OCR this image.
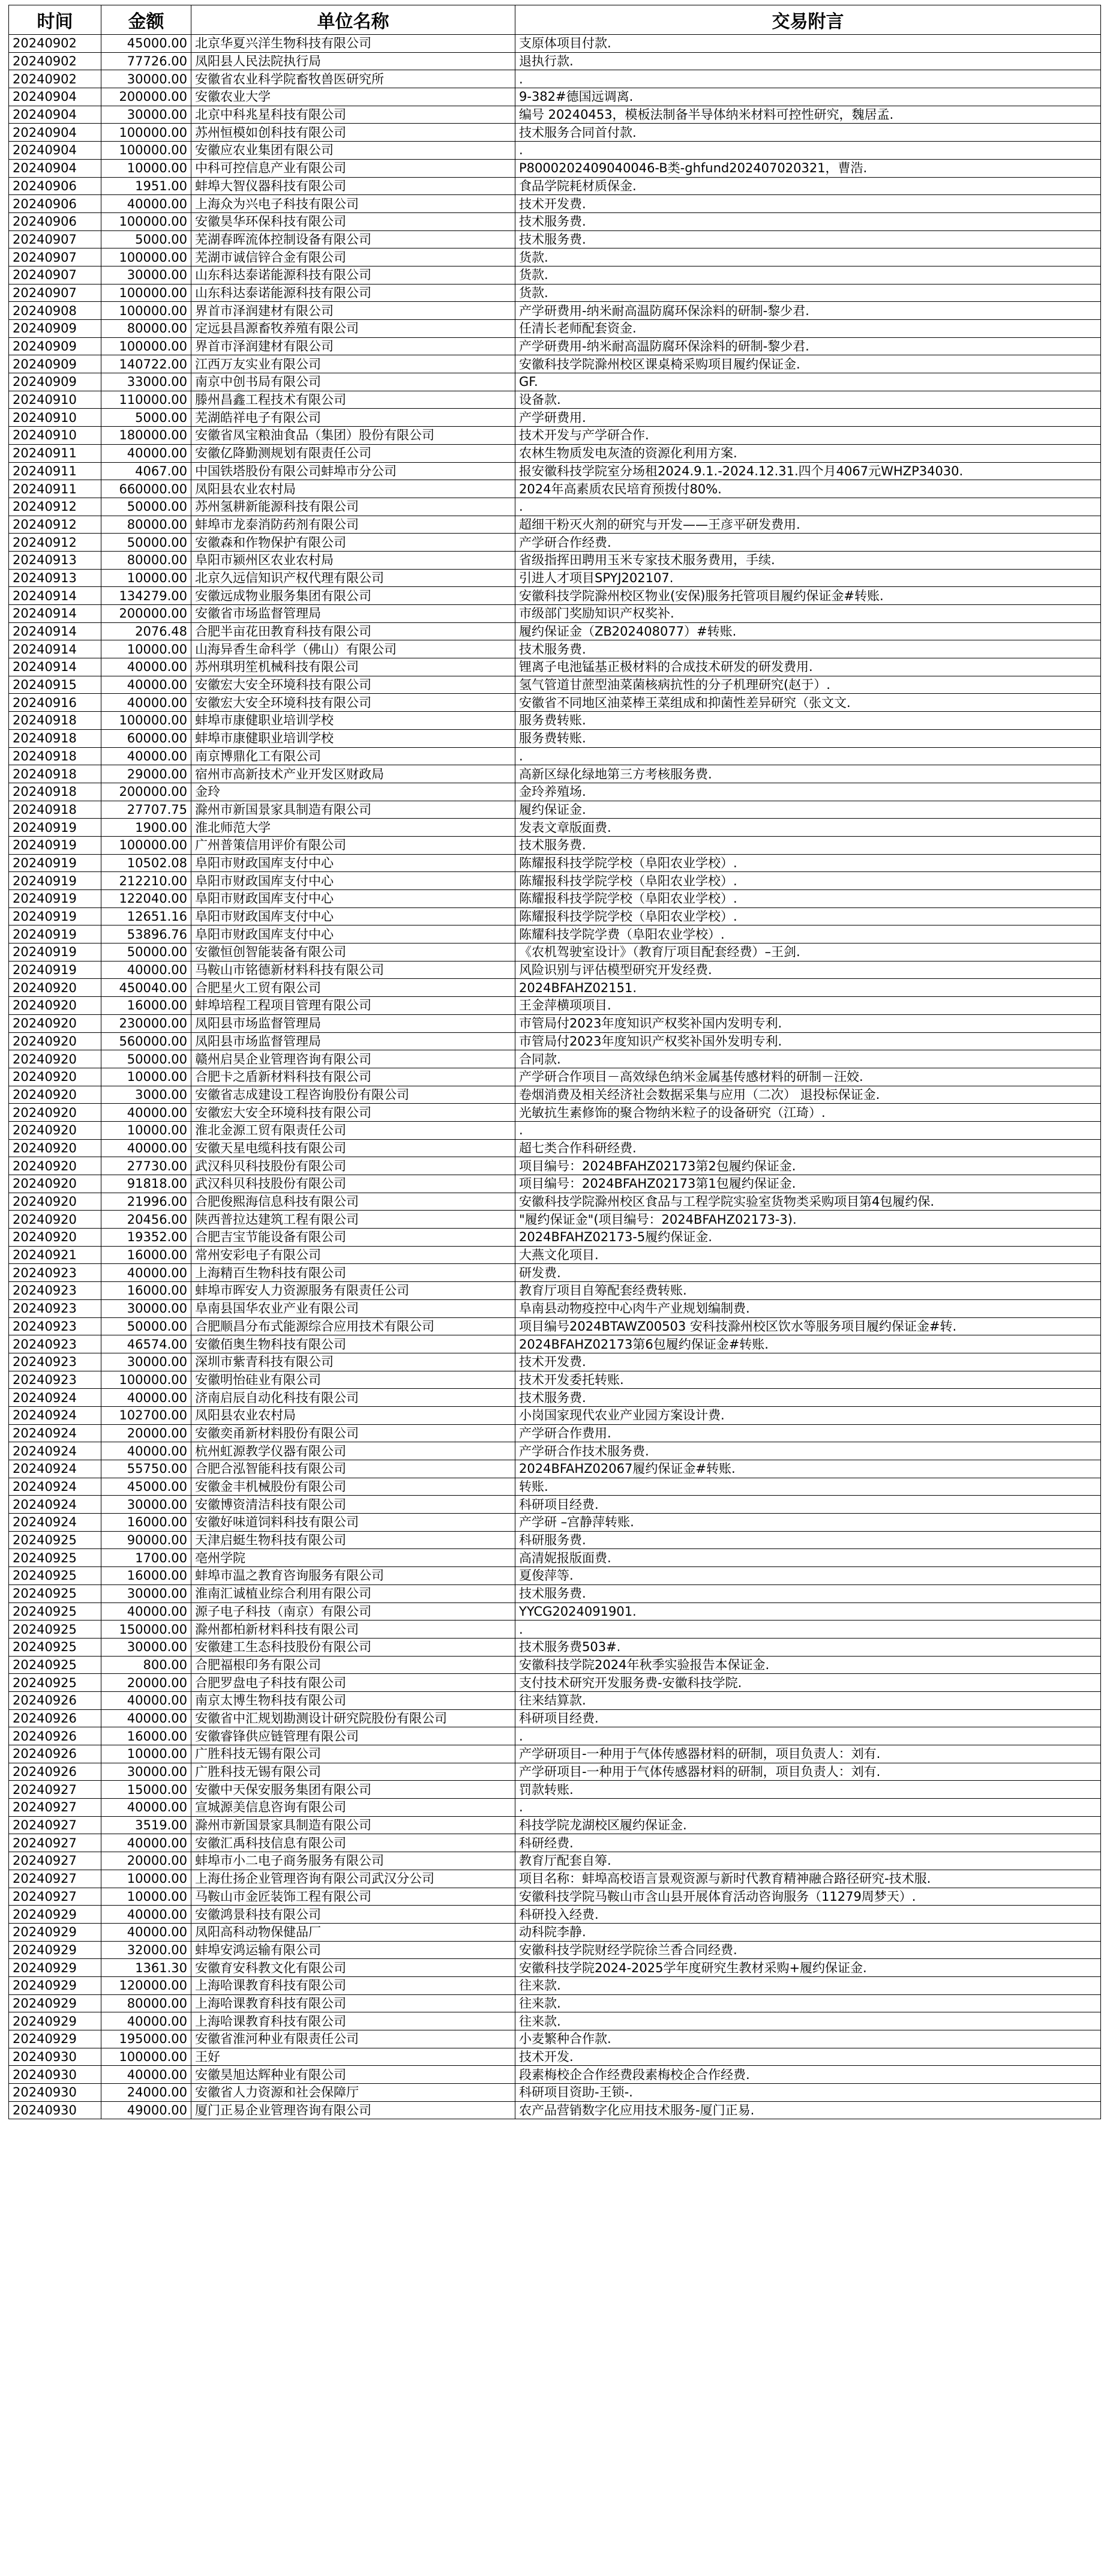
时间	金额	单位名称	交易附言
20240902	45000.00	北京华夏兴洋生物科技有限公司	支原体项目付款.
20240902	77726.00	凤阳县人民法院执行局	退执行款.
20240902	30000.00	安徽省农业科学院畜牧兽医研究所	.
20240904	200000.00	安徽农业大学	9-382#德国远调离.
20240904	30000.00	北京中科兆星科技有限公司	编号 20240453，模板法制备半导体纳米材料可控性研究，魏居孟.
20240904	100000.00	苏州恒模如创科技有限公司	技术服务合同首付款.
20240904	100000.00	安徽应农业集团有限公司	.
20240904	10000.00	中科可控信息产业有限公司	P8000202409040046-B类-ghfund202407020321，曹浩.
20240906	1951.00	蚌埠大智仪器科技有限公司	食品学院耗材质保金.
20240906	40000.00	上海众为兴电子科技有限公司	技术开发费.
20240906	100000.00	安徽昊华环保科技有限公司	技术服务费.
20240907	5000.00	芜湖春晖流体控制设备有限公司	技术服务费.
20240907	100000.00	芜湖市诚信锌合金有限公司	货款.
20240907	30000.00	山东科达泰诺能源科技有限公司	货款.
20240907	100000.00	山东科达泰诺能源科技有限公司	货款.
20240908	100000.00	界首市泽润建材有限公司	产学研费用-纳米耐高温防腐环保涂料的研制-黎少君.
20240909	80000.00	定远县昌源畜牧养殖有限公司	任清长老师配套资金.
20240909	100000.00	界首市泽润建材有限公司	产学研费用-纳米耐高温防腐环保涂料的研制-黎少君.
20240909	140722.00	江西万友实业有限公司	安徽科技学院滁州校区课桌椅采购项目履约保证金.
20240909	33000.00	南京中创书局有限公司	GF.
20240910	110000.00	滕州昌鑫工程技术有限公司	设备款.
20240910	5000.00	芜湖皓祥电子有限公司	产学研费用.
20240910	180000.00	安徽省凤宝粮油食品（集团）股份有限公司	技术开发与产学研合作.
20240911	40000.00	安徽亿降勤测规划有限责任公司	农林生物质发电灰渣的资源化利用方案.
20240911	4067.00	中国铁塔股份有限公司蚌埠市分公司	报安徽科技学院室分场租2024.9.1.-2024.12.31.四个月4067元WHZP34030.
20240911	660000.00	凤阳县农业农村局	2024年高素质农民培育预拨付80%.
20240912	50000.00	苏州氢耕新能源科技有限公司	.
20240912	80000.00	蚌埠市龙泰消防药剂有限公司	超细干粉灭火剂的研究与开发——王彦平研发费用.
20240912	50000.00	安徽森和作物保护有限公司	产学研合作经费.
20240913	80000.00	阜阳市颍州区农业农村局	省级指挥田聘用玉米专家技术服务费用，手续.
20240913	10000.00	北京久远信知识产权代理有限公司	引进人才项目SPYJ202107.
20240914	134279.00	安徽远成物业服务集团有限公司	安徽科技学院滁州校区物业(安保)服务托管项目履约保证金#转账.
20240914	200000.00	安徽省市场监督管理局	市级部门奖励知识产权奖补.
20240914	2076.48	合肥半亩花田教育科技有限公司	履约保证金（ZB202408077）#转账.
20240914	10000.00	山海异香生命科学（佛山）有限公司	技术服务费.
20240914	40000.00	苏州琪玥笙机械科技有限公司	锂离子电池锰基正极材料的合成技术研发的研发费用.
20240915	40000.00	安徽宏大安全环境科技有限公司	氢气管道甘蔗型油菜菌核病抗性的分子机理研究(赵于）.
20240916	40000.00	安徽宏大安全环境科技有限公司	安徽省不同地区油菜棒王菜组成和抑菌性差异研究（张文文.
20240918	100000.00	蚌埠市康健职业培训学校	服务费转账.
20240918	60000.00	蚌埠市康健职业培训学校	服务费转账.
20240918	40000.00	南京博鼎化工有限公司	.
20240918	29000.00	宿州市高新技术产业开发区财政局	高新区绿化绿地第三方考核服务费.
20240918	200000.00	金玲	金玲养殖场.
20240918	27707.75	滁州市新国景家具制造有限公司	履约保证金.
20240919	1900.00	淮北师范大学	发表文章版面费.
20240919	100000.00	广州普策信用评价有限公司	技术服务费.
20240919	10502.08	阜阳市财政国库支付中心	陈耀报科技学院学校（阜阳农业学校）.
20240919	212210.00	阜阳市财政国库支付中心	陈耀报科技学院学校（阜阳农业学校）.
20240919	122040.00	阜阳市财政国库支付中心	陈耀报科技学院学校（阜阳农业学校）.
20240919	12651.16	阜阳市财政国库支付中心	陈耀报科技学院学校（阜阳农业学校）.
20240919	53896.76	阜阳市财政国库支付中心	陈耀科技学院学费（阜阳农业学校）.
20240919	50000.00	安徽恒创智能装备有限公司	《农机驾驶室设计》（教育厅项目配套经费）–王剑.
20240919	40000.00	马鞍山市铭德新材料科技有限公司	风险识别与评估模型研究开发经费.
20240920	450040.00	合肥星火工贸有限公司	2024BFAHZ02151.
20240920	16000.00	蚌埠培程工程项目管理有限公司	王金萍横项项目.
20240920	230000.00	凤阳县市场监督管理局	市管局付2023年度知识产权奖补国内发明专利.
20240920	560000.00	凤阳县市场监督管理局	市管局付2023年度知识产权奖补国外发明专利.
20240920	50000.00	赣州启昊企业管理咨询有限公司	合同款.
20240920	10000.00	合肥卡之盾新材料科技有限公司	产学研合作项目－高效绿色纳米金属基传感材料的研制－汪姣.
20240920	3000.00	安徽省志成建设工程咨询股份有限公司	卷烟消费及相关经济社会数据采集与应用（二次） 退投标保证金.
20240920	40000.00	安徽宏大安全环境科技有限公司	光敏抗生素修饰的聚合物纳米粒子的设备研究（江琦）.
20240920	10000.00	淮北金源工贸有限责任公司	.
20240920	40000.00	安徽天星电缆科技有限公司	超七类合作科研经费.
20240920	27730.00	武汉科贝科技股份有限公司	项目编号：2024BFAHZ02173第2包履约保证金.
20240920	91818.00	武汉科贝科技股份有限公司	项目编号：2024BFAHZ02173第1包履约保证金.
20240920	21996.00	合肥俊熙海信息科技有限公司	安徽科技学院滁州校区食品与工程学院实验室货物类采购项目第4包履约保.
20240920	20456.00	陕西普拉达建筑工程有限公司	"履约保证金"(项目编号：2024BFAHZ02173-3).
20240920	19352.00	合肥吉宝节能设备有限公司	2024BFAHZ02173-5履约保证金.
20240921	16000.00	常州安彩电子有限公司	大燕文化项目.
20240923	40000.00	上海精百生物科技有限公司	研发费.
20240923	16000.00	蚌埠市晖安人力资源服务有限责任公司	教育厅项目自筹配套经费转账.
20240923	30000.00	阜南县国华农业产业有限公司	阜南县动物疫控中心肉牛产业规划编制费.
20240923	50000.00	合肥顺昌分布式能源综合应用技术有限公司	项目编号2024BTAWZ00503 安科技滁州校区饮水等服务项目履约保证金#转.
20240923	46574.00	安徽佰奥生物科技有限公司	2024BFAHZ02173第6包履约保证金#转账.
20240923	30000.00	深圳市紫青科技有限公司	技术开发费.
20240923	100000.00	安徽明怡硅业有限公司	技术开发委托转账.
20240924	40000.00	济南启辰自动化科技有限公司	技术服务费.
20240924	102700.00	凤阳县农业农村局	小岗国家现代农业产业园方案设计费.
20240924	20000.00	安徽奕甬新材料股份有限公司	产学研合作费用.
20240924	40000.00	杭州虹源教学仪器有限公司	产学研合作技术服务费.
20240924	55750.00	合肥合泓智能科技有限公司	2024BFAHZ02067履约保证金#转账.
20240924	45000.00	安徽金丰机械股份有限公司	转账.
20240924	30000.00	安徽博资清洁科技有限公司	科研项目经费.
20240924	16000.00	安徽好味道饲料科技有限公司	产学研 –宫静萍转账.
20240925	90000.00	天津启蜓生物科技有限公司	科研服务费.
20240925	1700.00	亳州学院	高清妮报版面费.
20240925	16000.00	蚌埠市温之教育咨询服务有限公司	夏俊萍等.
20240925	30000.00	淮南汇诚植业综合利用有限公司	技术服务费.
20240925	40000.00	源子电子科技（南京）有限公司	YYCG2024091901.
20240925	150000.00	滁州都柏新材料科技有限公司	.
20240925	30000.00	安徽建工生态科技股份有限公司	技术服务费503#.
20240925	800.00	合肥福根印务有限公司	安徽科技学院2024年秋季实验报告本保证金.
20240925	20000.00	合肥罗盘电子科技有限公司	支付技术研究开发服务费-安徽科技学院.
20240926	40000.00	南京太博生物科技有限公司	往来结算款.
20240926	40000.00	安徽省中汇规划勘测设计研究院股份有限公司	科研项目经费.
20240926	16000.00	安徽睿锋供应链管理有限公司	.
20240926	10000.00	广胜科技无锡有限公司	产学研项目-一种用于气体传感器材料的研制，项目负责人：刘有.
20240926	30000.00	广胜科技无锡有限公司	产学研项目-一种用于气体传感器材料的研制，项目负责人：刘有.
20240927	15000.00	安徽中天保安服务集团有限公司	罚款转账.
20240927	40000.00	宣城源美信息咨询有限公司	.
20240927	3519.00	滁州市新国景家具制造有限公司	科技学院龙湖校区履约保证金.
20240927	40000.00	安徽汇禹科技信息有限公司	科研经费.
20240927	20000.00	蚌埠市小二电子商务服务有限公司	教育厅配套自筹.
20240927	10000.00	上海仕扬企业管理咨询有限公司武汉分公司	项目名称：蚌埠高校语言景观资源与新时代教育精神融合路径研究-技术服.
20240927	10000.00	马鞍山市金匠装饰工程有限公司	安徽科技学院马鞍山市含山县开展体育活动咨询服务（11279周梦天）.
20240929	40000.00	安徽鸿景科技有限公司	科研投入经费.
20240929	40000.00	凤阳高科动物保健品厂	动科院李静.
20240929	32000.00	蚌埠安鸿运输有限公司	安徽科技学院财经学院徐兰香合同经费.
20240929	1361.30	安徽育安科教文化有限公司	安徽科技学院2024-2025学年度研究生教材采购+履约保证金.
20240929	120000.00	上海哈课教育科技有限公司	往来款.
20240929	80000.00	上海哈课教育科技有限公司	往来款.
20240929	40000.00	上海哈课教育科技有限公司	往来款.
20240929	195000.00	安徽省淮河种业有限责任公司	小麦繁种合作款.
20240930	100000.00	王好	技术开发.
20240930	40000.00	安徽昊旭达辉种业有限公司	段素梅校企合作经费段素梅校企合作经费.
20240930	24000.00	安徽省人力资源和社会保障厅	科研项目资助-王锁-.
20240930	49000.00	厦门正易企业管理咨询有限公司	农产品营销数字化应用技术服务-厦门正易.
